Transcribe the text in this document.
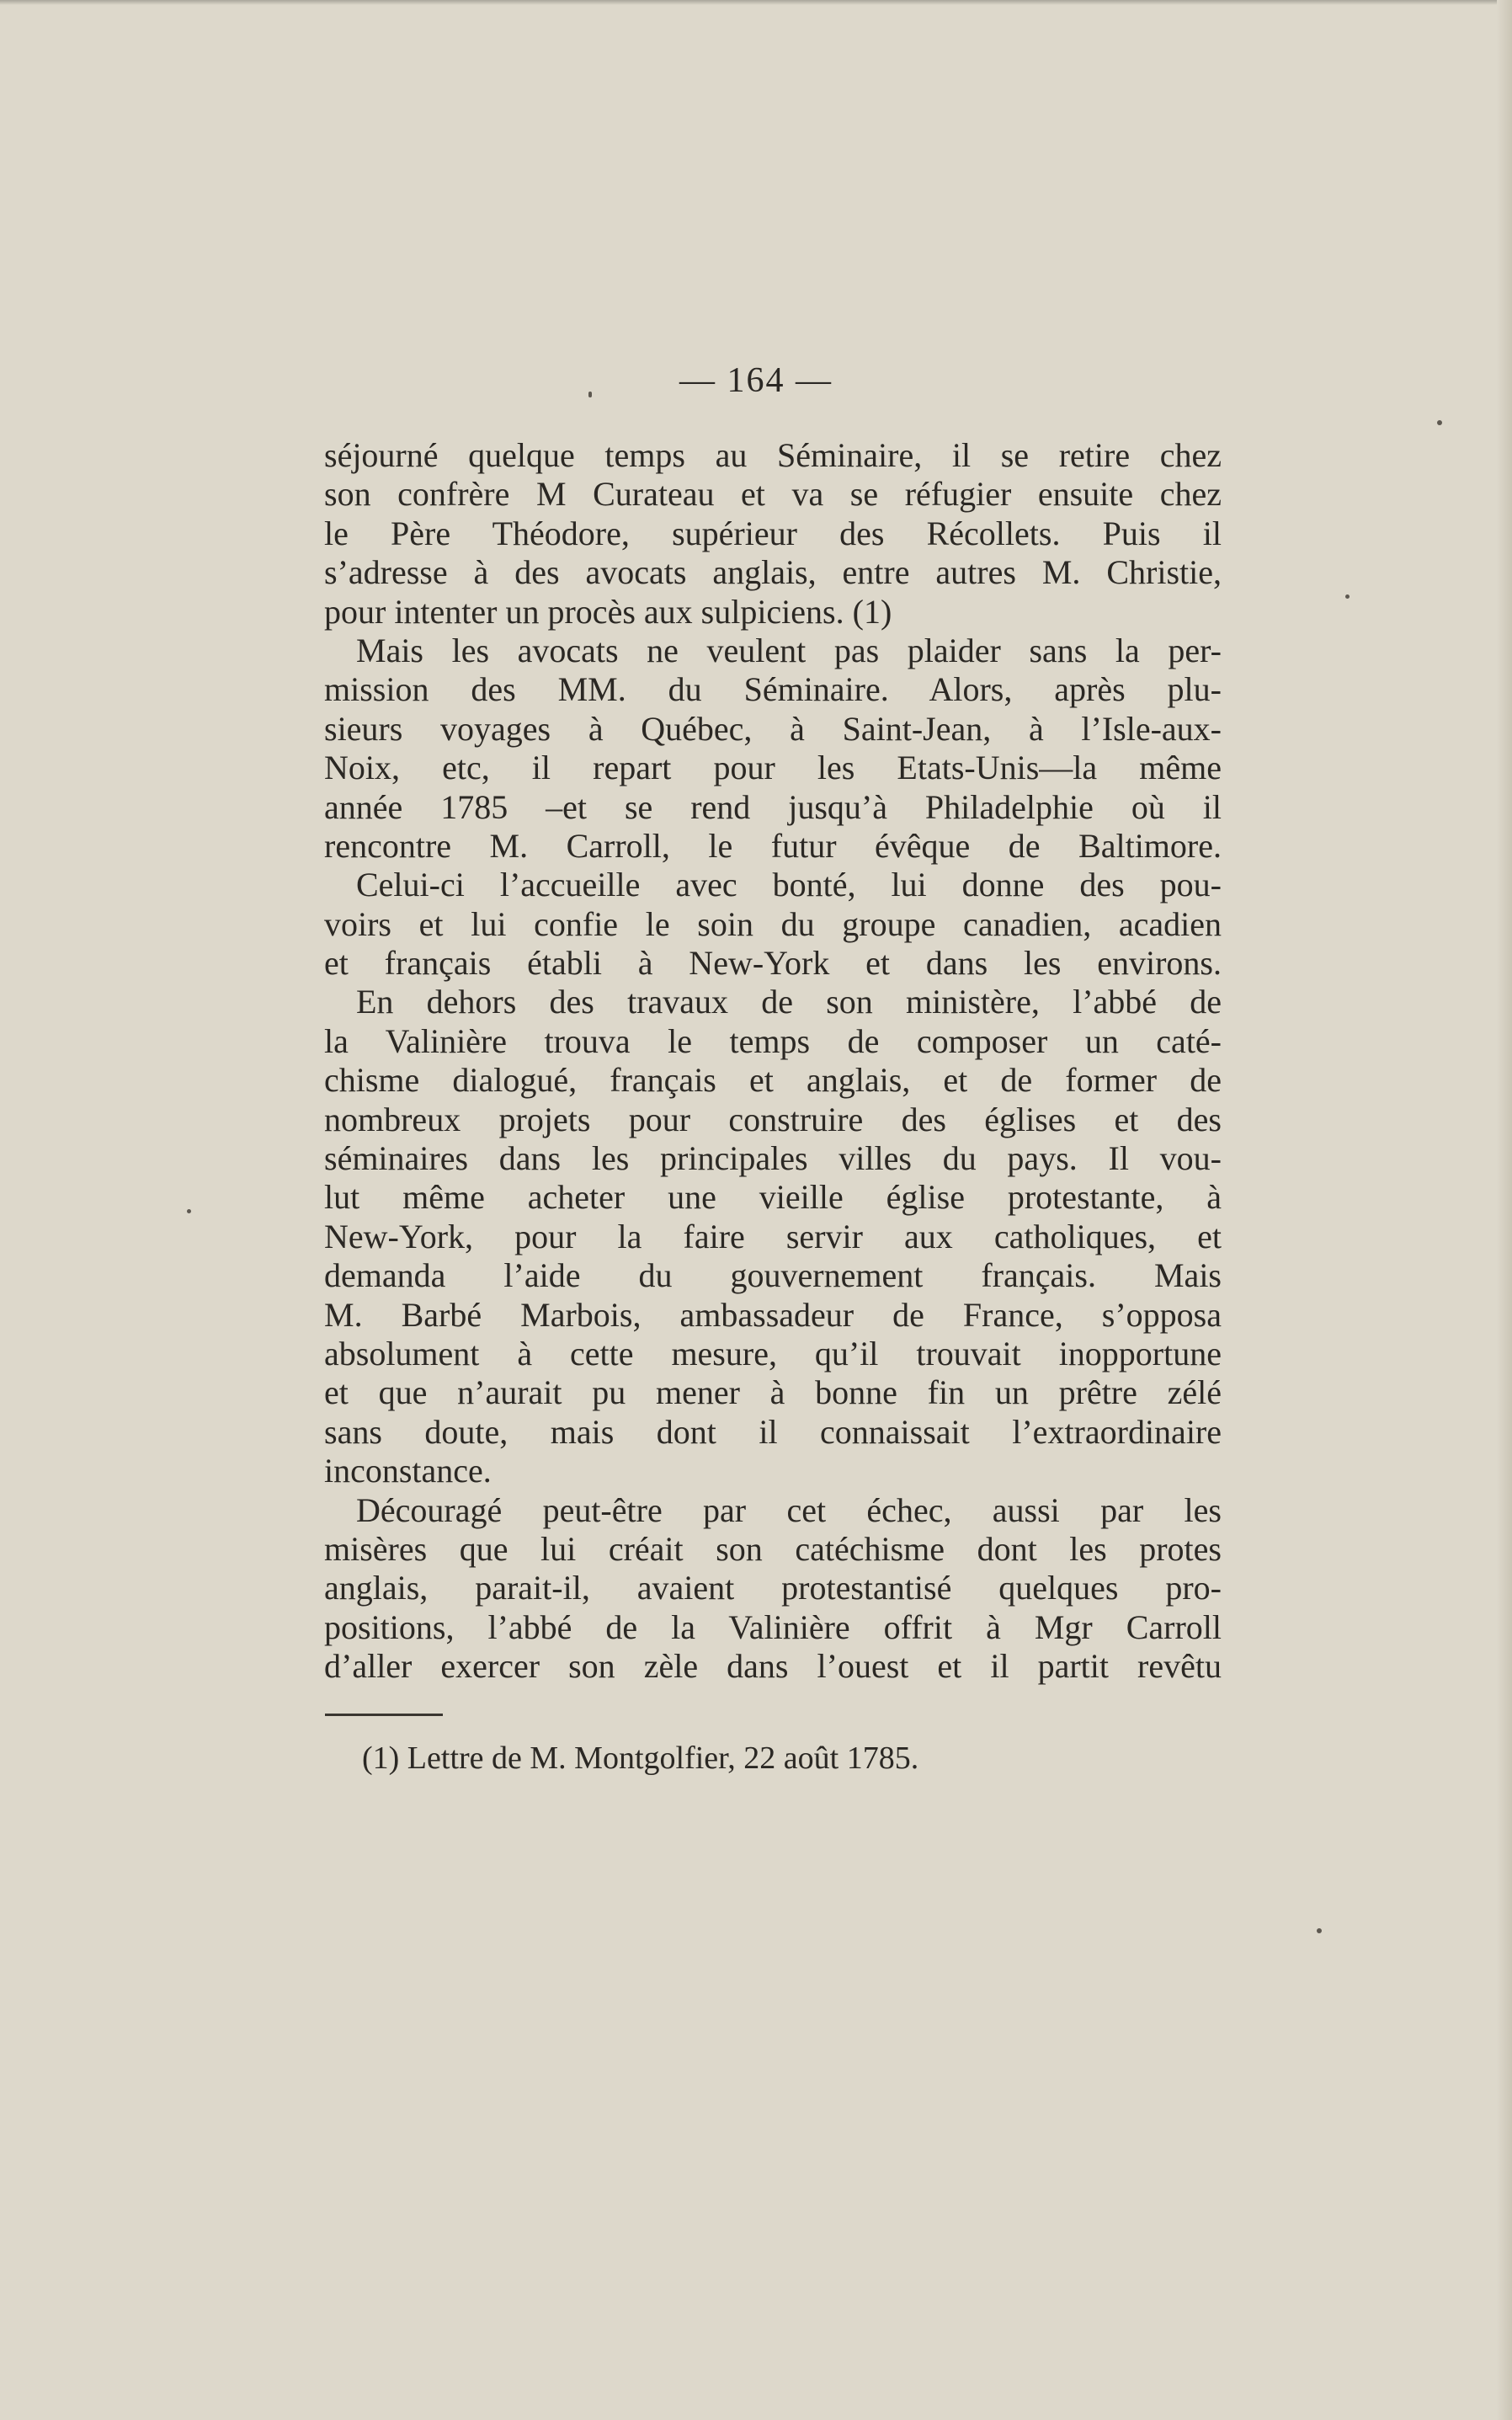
— 164 —
séjourné quelque temps au Séminaire, il se retire chez
son confrère M Curateau et va se réfugier ensuite chez
le Père Théodore, supérieur des Récollets. Puis il
s’adresse à des avocats anglais, entre autres M. Christie,
pour intenter un procès aux sulpiciens. (1)
Mais les avocats ne veulent pas plaider sans la per-
mission des MM. du Séminaire. Alors, après plu-
sieurs voyages à Québec, à Saint-Jean, à l’Isle-aux-
Noix, etc, il repart pour les Etats-Unis—la même
année 1785 –et se rend jusqu’à Philadelphie où il
rencontre M. Carroll, le futur évêque de Baltimore.
Celui-ci l’accueille avec bonté, lui donne des pou-
voirs et lui confie le soin du groupe canadien, acadien
et français établi à New-York et dans les environs.
En dehors des travaux de son ministère, l’abbé de
la Valinière trouva le temps de composer un caté-
chisme dialogué, français et anglais, et de former de
nombreux projets pour construire des églises et des
séminaires dans les principales villes du pays. Il vou-
lut même acheter une vieille église protestante, à
New-York, pour la faire servir aux catholiques, et
demanda l’aide du gouvernement français. Mais
M. Barbé Marbois, ambassadeur de France, s’opposa
absolument à cette mesure, qu’il trouvait inopportune
et que n’aurait pu mener à bonne fin un prêtre zélé
sans doute, mais dont il connaissait l’extraordinaire
inconstance.
Découragé peut-être par cet échec, aussi par les
misères que lui créait son catéchisme dont les protes
anglais, parait-il, avaient protestantisé quelques pro-
positions, l’abbé de la Valinière offrit à Mgr Carroll
d’aller exercer son zèle dans l’ouest et il partit revêtu
(1) Lettre de M. Montgolfier, 22 août 1785.
